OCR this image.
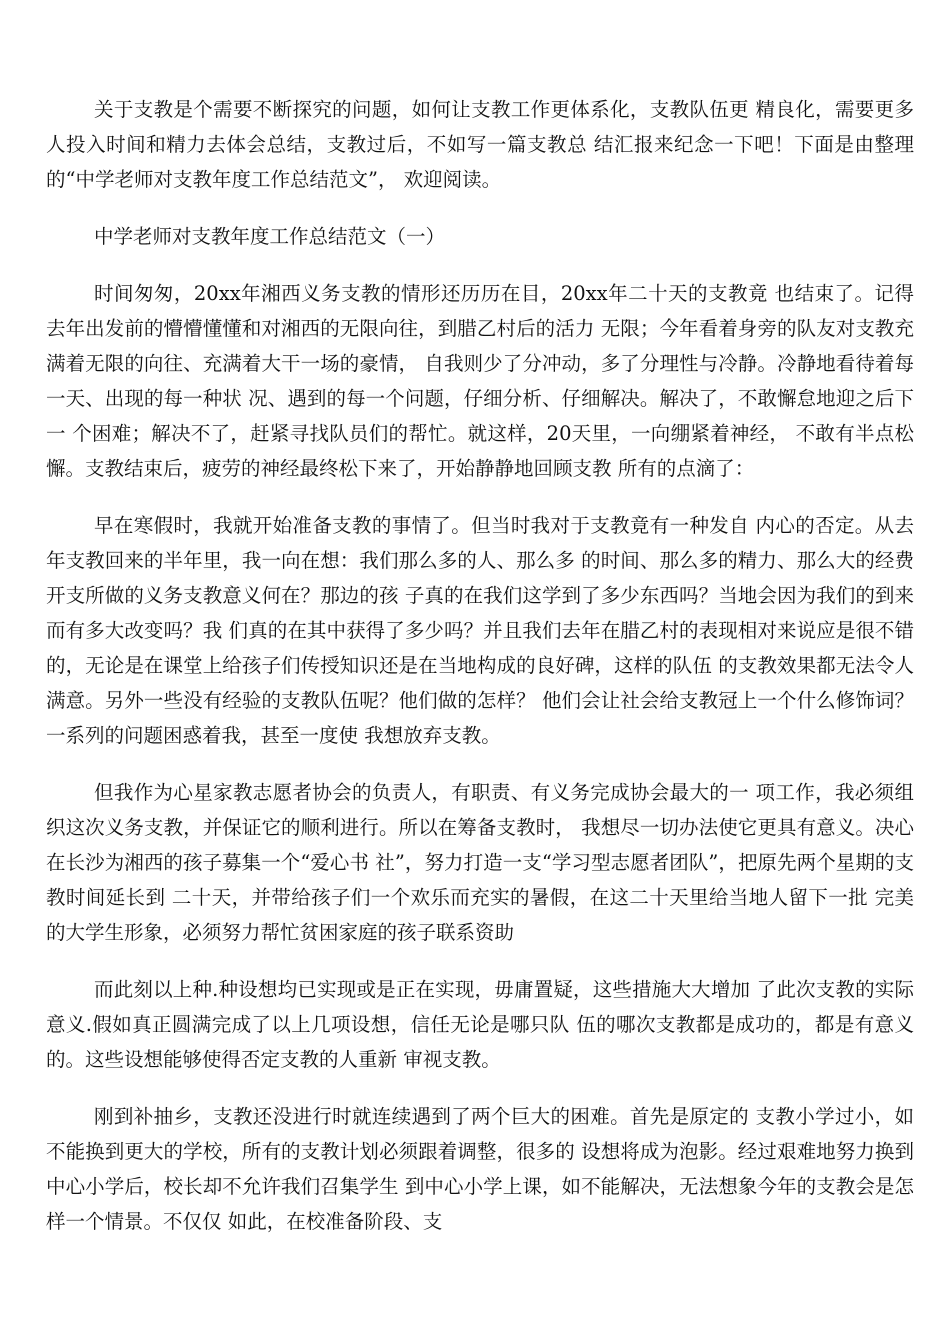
关于支教是个需要不断探究的问题，如何让支教工作更体系化，支教队伍更 精良化，需要更多人投入时间和精力去体会总结，支教过后，不如写一篇支教总 结汇报来纪念一下吧！下面是由整理的“中学老师对支教年度工作总结范文”， 欢迎阅读。

中学老师对支教年度工作总结范文（一）

时间匆匆，20xx年湘西义务支教的情形还历历在目，20xx年二十天的支教竟 也结束了。记得去年出发前的懵懵懂懂和对湘西的无限向往，到腊乙村后的活力 无限；今年看着身旁的队友对支教充满着无限的向往、充满着大干一场的豪情， 自我则少了分冲动，多了分理性与冷静。冷静地看待着每一天、出现的每一种状 况、遇到的每一个问题，仔细分析、仔细解决。解决了，不敢懈怠地迎之后下一 个困难；解决不了，赶紧寻找队员们的帮忙。就这样，20天里，一向绷紧着神经， 不敢有半点松懈。支教结束后，疲劳的神经最终松下来了，开始静静地回顾支教 所有的点滴了：

早在寒假时，我就开始准备支教的事情了。但当时我对于支教竟有一种发自 内心的否定。从去年支教回来的半年里，我一向在想：我们那么多的人、那么多 的时间、那么多的精力、那么大的经费开支所做的义务支教意义何在？那边的孩 子真的在我们这学到了多少东西吗？当地会因为我们的到来而有多大改变吗？我 们真的在其中获得了多少吗？并且我们去年在腊乙村的表现相对来说应是很不错 的，无论是在课堂上给孩子们传授知识还是在当地构成的良好碑，这样的队伍 的支教效果都无法令人满意。另外一些没有经验的支教队伍呢？他们做的怎样？ 他们会让社会给支教冠上一个什么修饰词？ 一系列的问题困惑着我，甚至一度使 我想放弃支教。

但我作为心星家教志愿者协会的负责人，有职责、有义务完成协会最大的一 项工作，我必须组织这次义务支教，并保证它的顺利进行。所以在筹备支教时， 我想尽一切办法使它更具有意义。决心在长沙为湘西的孩子募集一个“爱心书 社”，努力打造一支“学习型志愿者团队”，把原先两个星期的支教时间延长到 二十天，并带给孩子们一个欢乐而充实的暑假，在这二十天里给当地人留下一批 完美的大学生形象，必须努力帮忙贫困家庭的孩子联系资助

而此刻以上种.种设想均已实现或是正在实现，毋庸置疑，这些措施大大增加 了此次支教的实际意义.假如真正圆满完成了以上几项设想，信任无论是哪只队 伍的哪次支教都是成功的，都是有意义的。这些设想能够使得否定支教的人重新 审视支教。

刚到补抽乡，支教还没进行时就连续遇到了两个巨大的困难。首先是原定的 支教小学过小，如不能换到更大的学校，所有的支教计划必须跟着调整，很多的 设想将成为泡影。经过艰难地努力换到中心小学后，校长却不允许我们召集学生 到中心小学上课，如不能解决，无法想象今年的支教会是怎样一个情景。不仅仅 如此，在校准备阶段、支
